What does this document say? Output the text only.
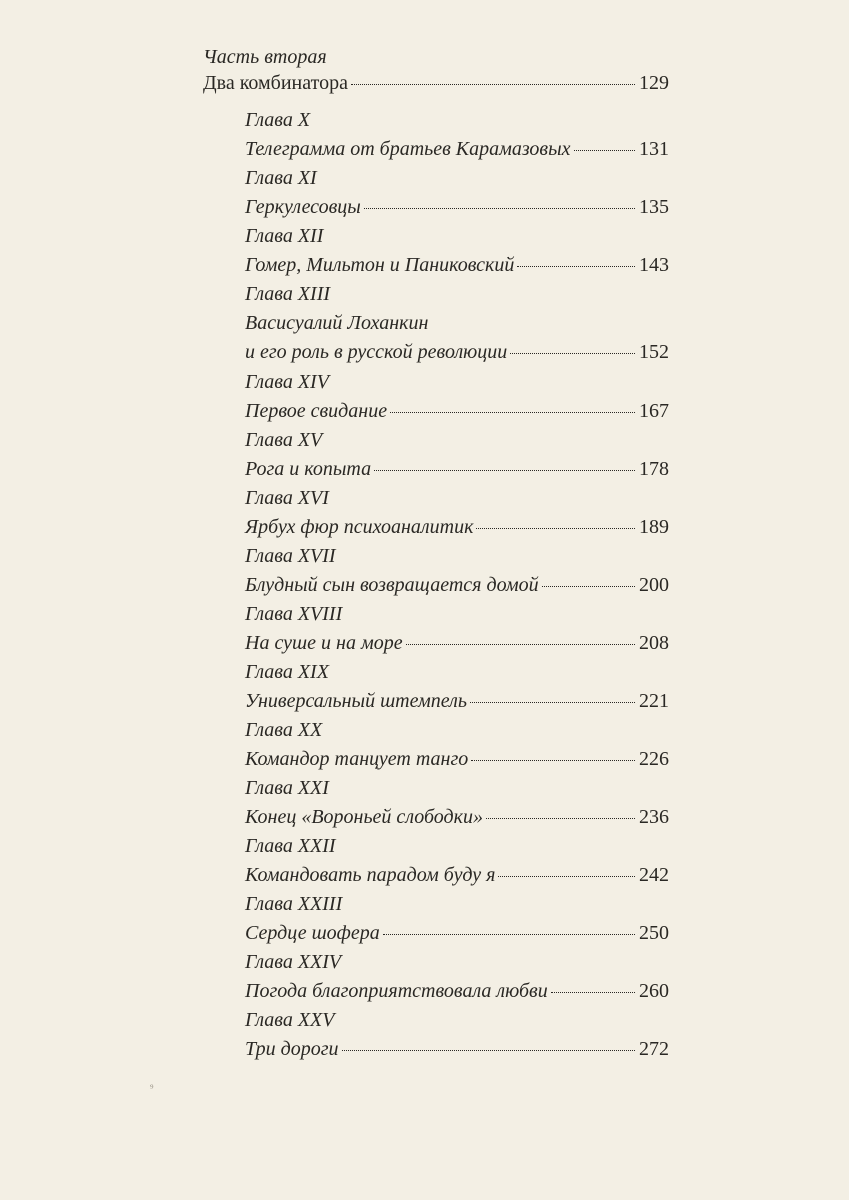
Часть вторая
Два комбинатора	129
Глава X
Телеграмма от братьев Карамазовых	131
Глава XI
Геркулесовцы	135
Глава XII
Гомер, Мильтон и Паниковский	143
Глава XIII
Васисуалий Лоханкин
и его роль в русской революции	152
Глава XIV
Первое свидание	167
Глава XV
Рога и копыта	178
Глава XVI
Ярбух фюр психоаналитик	189
Глава XVII
Блудный сын возвращается домой	200
Глава XVIII
На суше и на море	208
Глава XIX
Универсальный штемпель	221
Глава XX
Командор танцует танго	226
Глава XXI
Конец «Вороньей слободки»	236
Глава XXII
Командовать парадом буду я	242
Глава XXIII
Сердце шофера	250
Глава XXIV
Погода благоприятствовала любви	260
Глава XXV
Три дороги	272
⁹
